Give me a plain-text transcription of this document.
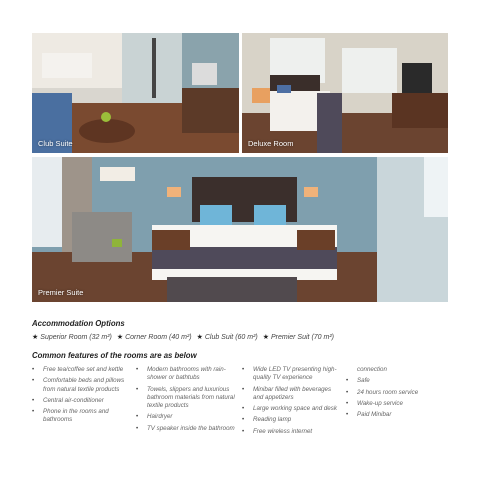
Club Suite	Deluxe Room
Premier Suite
Accommodation Options
★ Superior Room (32 m²) ★ Corner Room (40 m²) ★ Club Suit (60 m²) ★ Premier Suit (70 m²)
Common features of the rooms are as below
• Free tea/coffee set and kettle
• Comfortable beds and pillows from natural textile products
• Central air-conditioner
• Phone in the rooms and bathrooms
• Modern bathrooms with rain-shower or bathtubs
• Towels, slippers and luxurious bathroom materials from natural textile products
• Hairdryer
• TV speaker inside the bathroom
• Wide LED TV presenting high-quality TV experience
• Minibar filled with beverages and appetizers
• Large working space and desk
• Reading lamp
• Free wireless internet
connection
• Safe
• 24 hours room service
• Wake-up service
• Paid Minibar
